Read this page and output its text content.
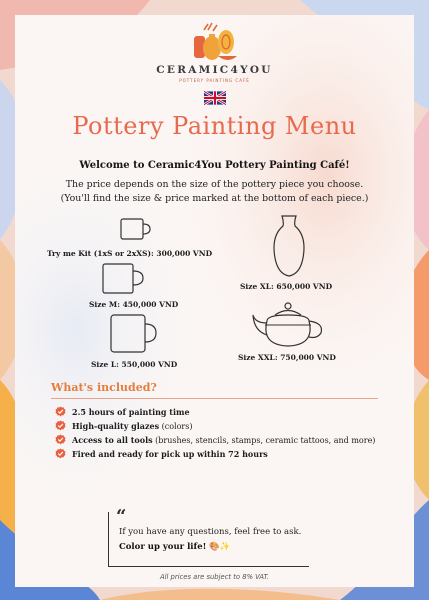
CERAMIC4YOU
POTTERY PAINTING CAFÉ
Pottery Painting Menu
Welcome to Ceramic4You Pottery Painting Café!
The price depends on the size of the pottery piece you choose.
(You'll find the size & price marked at the bottom of each piece.)
Try me Kit (1xS or 2xXS): 300,000 VND
Size XL: 650,000 VND
Size M: 450,000 VND
Size L: 550,000 VND
Size XXL: 750,000 VND
What's included?
2.5 hours of painting time
High-quality glazes (colors)
Access to all tools (brushes, stencils, stamps, ceramic tattoos, and more)
Fired and ready for pick up within 72 hours
“
If you have any questions, feel free to ask.
Color up your life! 🎨✨
All prices are subject to 8% VAT.
